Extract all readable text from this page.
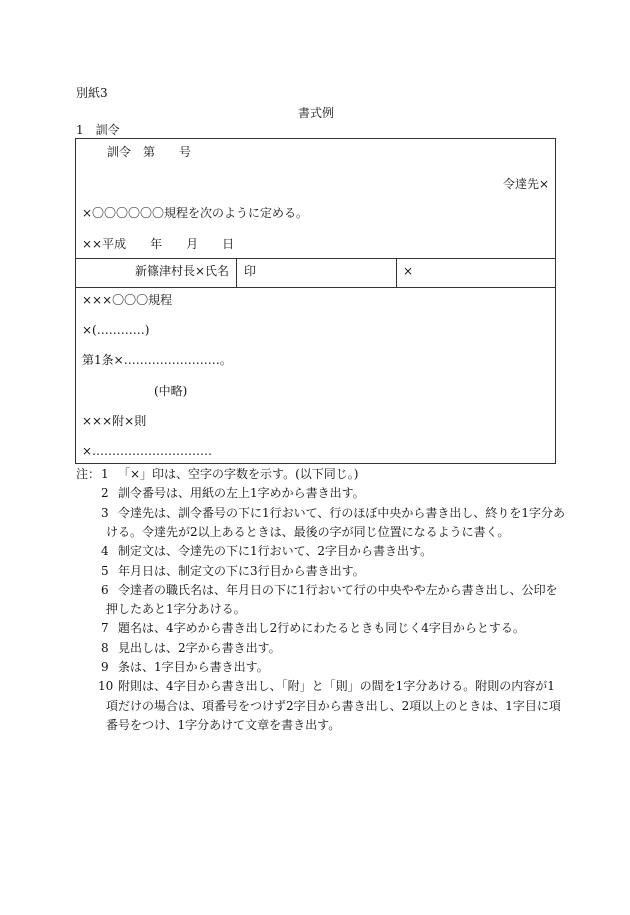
別紙3
書式例
1　訓令
訓令　第　　号
令達先×
×〇〇〇〇〇〇規程を次のように定める。
××平成　　年　　月　　日
新篠津村長×氏名 印	×
×××〇〇〇規程
×(…………)
第1条×……………………。
(中略)
×××附×則
×…………………………
注： 1 「×」印は、空字の字数を示す。(以下同じ。)
2 訓令番号は、用紙の左上1字めから書き出す。
3 令達先は、訓令番号の下に1行おいて、行のほぼ中央から書き出し、終りを1字分あ
ける。令達先が2以上あるときは、最後の字が同じ位置になるように書く。
4 制定文は、令達先の下に1行おいて、2字目から書き出す。
5 年月日は、制定文の下に3行目から書き出す。
6 令達者の職氏名は、年月日の下に1行おいて行の中央やや左から書き出し、公印を
押したあと1字分あける。
7 題名は、4字めから書き出し2行めにわたるときも同じく4字目からとする。
8 見出しは、2字から書き出す。
9 条は、1字目から書き出す。
10 附則は、4字目から書き出し、「附」と「則」の間を1字分あける。附則の内容が1
項だけの場合は、項番号をつけず2字目から書き出し、2項以上のときは、1字目に項
番号をつけ、1字分あけて文章を書き出す。
